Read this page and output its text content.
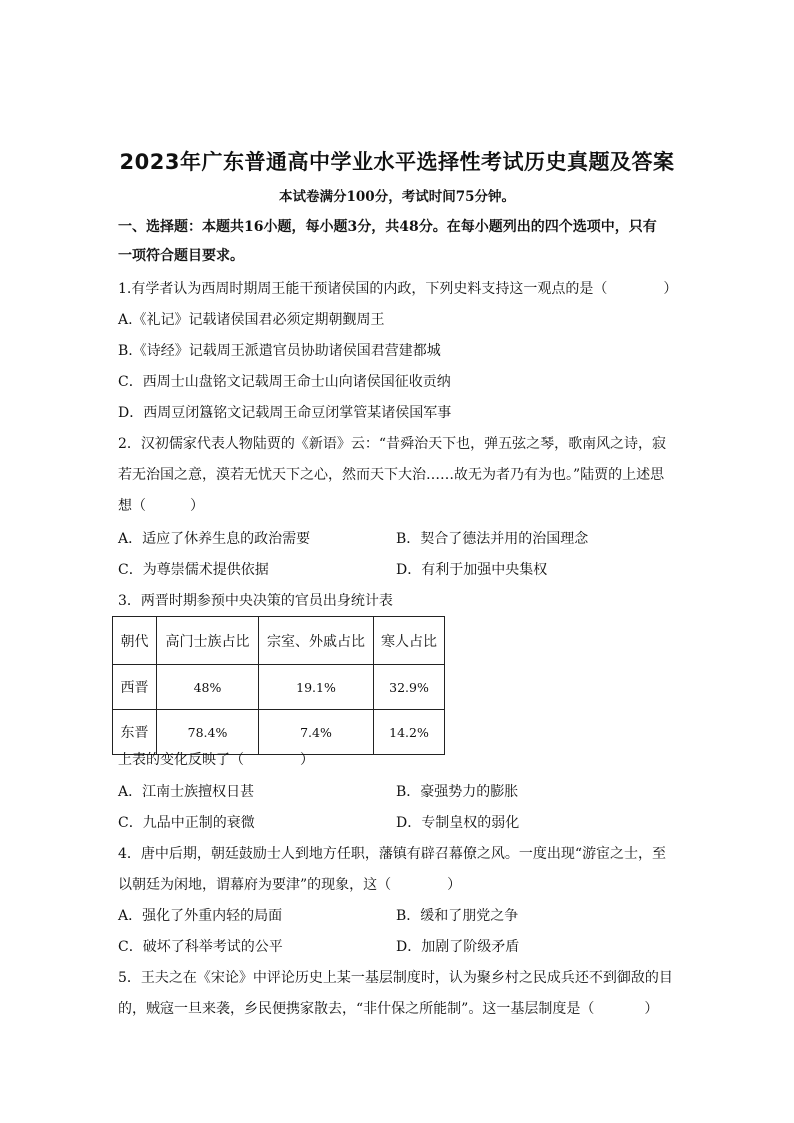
2023年广东普通高中学业水平选择性考试历史真题及答案
本试卷满分100分，考试时间75分钟。
一、选择题：本题共16小题，每小题3分，共48分。在每小题列出的四个选项中，只有
一项符合题目要求。
1.有学者认为西周时期周王能干预诸侯国的内政，下列史料支持这一观点的是（	）
A.《礼记》记载诸侯国君必须定期朝觐周王
B.《诗经》记载周王派遣官员协助诸侯国君营建都城
C．西周士山盘铭文记载周王命士山向诸侯国征收贡纳
D．西周豆闭簋铭文记载周王命豆闭掌管某诸侯国军事
2．汉初儒家代表人物陆贾的《新语》云：“昔舜治天下也，弹五弦之琴，歌南风之诗，寂
若无治国之意，漠若无忧天下之心，然而天下大治……故无为者乃有为也。”陆贾的上述思
想（	）
A．适应了休养生息的政治需要	B．契合了德法并用的治国理念
C．为尊崇儒术提供依据	D．有利于加强中央集权
3．两晋时期参预中央决策的官员出身统计表
朝代	高门士族占比	宗室、外戚占比	寒人占比
西晋	48%	19.1%	32.9%
东晋	78.4%	7.4%	14.2%
上表的变化反映了（	）
A．江南士族擅权日甚	B．豪强势力的膨胀
C．九品中正制的衰微	D．专制皇权的弱化
4．唐中后期，朝廷鼓励士人到地方任职，藩镇有辟召幕僚之风。一度出现“游宦之士，至
以朝廷为闲地，谓幕府为要津”的现象，这（	）
A．强化了外重内轻的局面	B．缓和了朋党之争
C．破坏了科举考试的公平	D．加剧了阶级矛盾
5．王夫之在《宋论》中评论历史上某一基层制度时，认为聚乡村之民成兵还不到御敌的目
的，贼寇一旦来袭，乡民便携家散去，“非什保之所能制”。这一基层制度是（	）
